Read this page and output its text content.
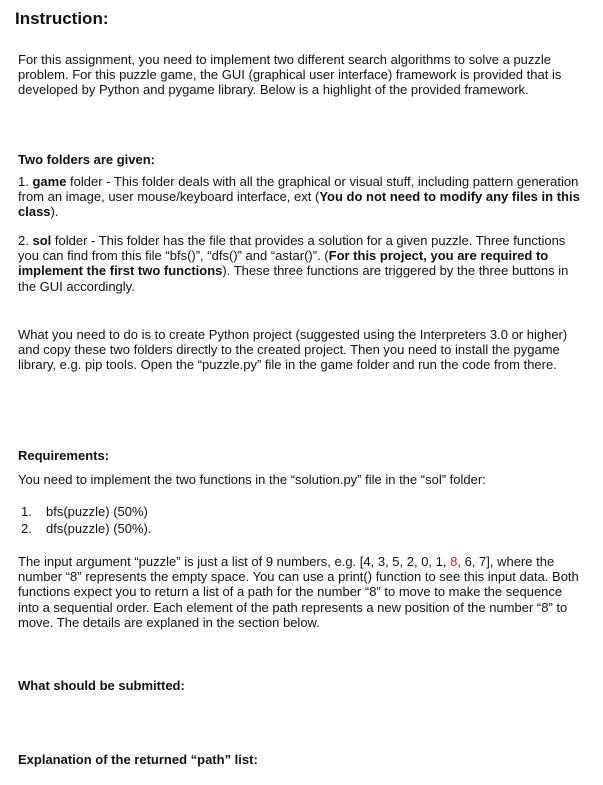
Instruction:

For this assignment, you need to implement two different search algorithms to solve a puzzle problem. For this puzzle game, the GUI (graphical user interface) framework is provided that is developed by Python and pygame library. Below is a highlight of the provided framework.

Two folders are given:

1. game folder - This folder deals with all the graphical or visual stuff, including pattern generation from an image, user mouse/keyboard interface, ext (You do not need to modify any files in this class).

2. sol folder - This folder has the file that provides a solution for a given puzzle. Three functions you can find from this file “bfs()”, “dfs()” and “astar()”. (For this project, you are required to implement the first two functions). These three functions are triggered by the three buttons in the GUI accordingly.

What you need to do is to create Python project (suggested using the Interpreters 3.0 or higher) and copy these two folders directly to the created project. Then you need to install the pygame library, e.g. pip tools. Open the “puzzle.py” file in the game folder and run the code from there.

Requirements:

You need to implement the two functions in the “solution.py” file in the “sol” folder:

1. bfs(puzzle) (50%)
2. dfs(puzzle) (50%).

The input argument “puzzle” is just a list of 9 numbers, e.g. [4, 3, 5, 2, 0, 1, 8, 6, 7], where the number “8” represents the empty space. You can use a print() function to see this input data. Both functions expect you to return a list of a path for the number “8” to move to make the sequence into a sequential order. Each element of the path represents a new position of the number “8” to move. The details are explaned in the section below.

What should be submitted:

Explanation of the returned “path” list:
